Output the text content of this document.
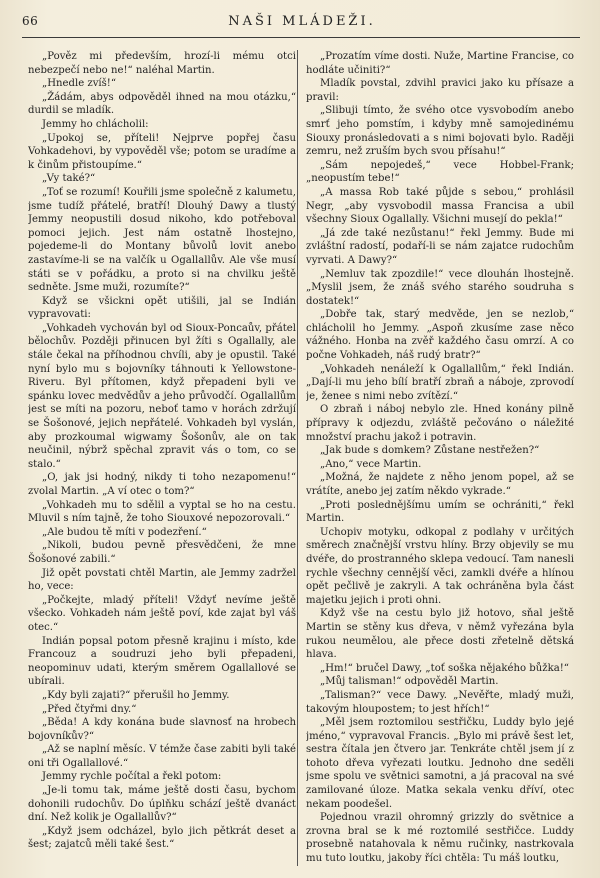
66	NAŠI MLÁDEŽI.

„Pověz mi především, hrozí-li mému otci nebezpečí nebo ne!“ naléhal Martin.

„Hnedle zvíš!“

„Žádám, abys odpověděl ihned na mou otázku,“ durdil se mladík.

Jemmy ho chlácholil:

„Upokoj se, příteli! Nejprve popřej času Vohkadehovi, by vypověděl vše; potom se uradíme a k činům přistoupíme.“

„Vy také?“

„Toť se rozumí! Kouřili jsme společně z kalumetu, jsme tudíž přátelé, bratří! Dlouhý Dawy a tlustý Jemmy neopustili dosud nikoho, kdo potřeboval pomoci jejich. Jest nám ostatně lhostejno, pojedeme-li do Montany bůvolů lovit anebo zastavíme-li se na valčík u Ogallallův. Ale vše musí státi se v pořádku, a proto si na chvilku ještě sedněte. Jsme muži, rozumíte?“

Když se všickni opět utišili, jal se Indián vypravovati:

„Vohkadeh vychován byl od Sioux-Poncaův, přátel bělochův. Později přinucen byl žíti s Ogallally, ale stále čekal na příhodnou chvíli, aby je opustil. Také nyní bylo mu s bojovníky táhnouti k Yellowstone-Riveru. Byl přítomen, když přepadeni byli ve spánku lovec medvědův a jeho průvodčí. Ogallallům jest se míti na pozoru, neboť tamo v horách zdržují se Šošonové, jejich nepřátelé. Vohkadeh byl vyslán, aby prozkoumal wigwamy Šošonův, ale on tak neučinil, nýbrž spěchal zpravit vás o tom, co se stalo.“

„O, jak jsi hodný, nikdy ti toho nezapomenu!“ zvolal Martin. „A ví otec o tom?“

„Vohkadeh mu to sdělil a vyptal se ho na cestu. Mluvil s ním tajně, že toho Siouxové nepozorovali.“

„Ale budou tě míti v podezření.“

„Nikoli, budou pevně přesvědčeni, že mne Šošonové zabili.“

Již opět povstati chtěl Martin, ale Jemmy zadržel ho, vece:

„Počkejte, mladý příteli! Vždyť nevíme ještě všecko. Vohkadeh nám ještě poví, kde zajat byl váš otec.“

Indián popsal potom přesně krajinu i místo, kde Francouz a soudruzi jeho byli přepadeni, neopominuv udati, kterým směrem Ogallallové se ubírali.

„Kdy byli zajati?“ přerušil ho Jemmy.

„Před čtyřmi dny.“

„Běda! A kdy konána bude slavnosť na hrobech bojovníkův?“

„Až se naplní měsíc. V témže čase zabiti byli také oni tři Ogallallové.“

Jemmy rychle počítal a řekl potom:

„Je-li tomu tak, máme ještě dosti času, bychom dohonili rudochův. Do úplňku schází ještě dvanáct dní. Než kolik je Ogallallův?“

„Když jsem odcházel, bylo jich pětkrát deset a šest; zajatců měli také šest.“

„Prozatím víme dosti. Nuže, Martine Francise, co hodláte učiniti?“

Mladík povstal, zdvihl pravici jako ku přísaze a pravil:

„Slibuji tímto, že svého otce vysvobodím anebo smrť jeho pomstím, i kdyby mně samojedinému Siouxy pronásledovati a s nimi bojovati bylo. Raději zemru, než zruším bych svou přísahu!“

„Sám nepojedeš,“ vece Hobbel-Frank; „neopustím tebe!“

„A massa Rob také půjde s sebou,“ prohlásil Negr, „aby vysvobodil massa Francisa a ubil všechny Sioux Ogallally. Všichni musejí do pekla!“

„Já zde také nezůstanu!“ řekl Jemmy. Bude mi zvláštní radostí, podaří-li se nám zajatce rudochům vyrvati. A Dawy?“

„Nemluv tak zpozdile!“ vece dlouhán lhostejně. „Myslil jsem, že znáš svého starého soudruha s dostatek!“

„Dobře tak, starý medvěde, jen se nezlob,“ chlácholil ho Jemmy. „Aspoň zkusíme zase něco vážného. Honba na zvěř každého času omrzí. A co počne Vohkadeh, náš rudý bratr?“

„Vohkadeh nenáleží k Ogallallům,“ řekl Indián. „Dají-li mu jeho bílí bratří zbraň a náboje, zprovodí je, ženee s nimi nebo zvítězí.“

O zbraň i náboj nebylo zle. Hned konány pilně přípravy k odjezdu, zvláště pečováno o náležité množství prachu jakož i potravin.

„Jak bude s domkem? Zůstane nestřežen?“

„Ano,“ vece Martin.

„Možná, že najdete z něho jenom popel, až se vrátíte, anebo jej zatím někdo vykrade.“

„Proti poslednějšímu umím se ochrániti,“ řekl Martin.

Uchopiv motyku, odkopal z podlahy v určitých směrech značnější vrstvu hlíny. Brzy objevily se mu dvéře, do prostranného sklepa vedoucí. Tam nanesli rychle všechny cennější věci, zamkli dvéře a hlínou opět pečlivě je zakryli. A tak ochráněna byla část majetku jejich i proti ohni.

Když vše na cestu bylo již hotovo, sňal ještě Martin se stěny kus dřeva, v němž vyřezána byla rukou neumělou, ale přece dosti zřetelně dětská hlava.

„Hm!“ bručel Dawy, „toť soška nějakého bůžka!“

„Můj talisman!“ odpověděl Martin.

„Talisman?“ vece Dawy. „Nevěřte, mladý muži, takovým hloupostem; to jest hřích!“

„Měl jsem roztomilou sestřičku, Luddy bylo jejé jméno,“ vypravoval Francis. „Bylo mi právě šest let, sestra čítala jen čtvero jar. Tenkráte chtěl jsem jí z tohoto dřeva vyřezati loutku. Jednoho dne seděli jsme spolu ve světnici samotni, a já pracoval na své zamilované úloze. Matka sekala venku dříví, otec nekam poodešel.

Pojednou vrazil ohromný grizzly do světnice a zrovna bral se k mé roztomilé sestřičce. Luddy prosebně natahovala k němu ručinky, nastrkovala mu tuto loutku, jakoby říci chtěla: Tu máš loutku,
